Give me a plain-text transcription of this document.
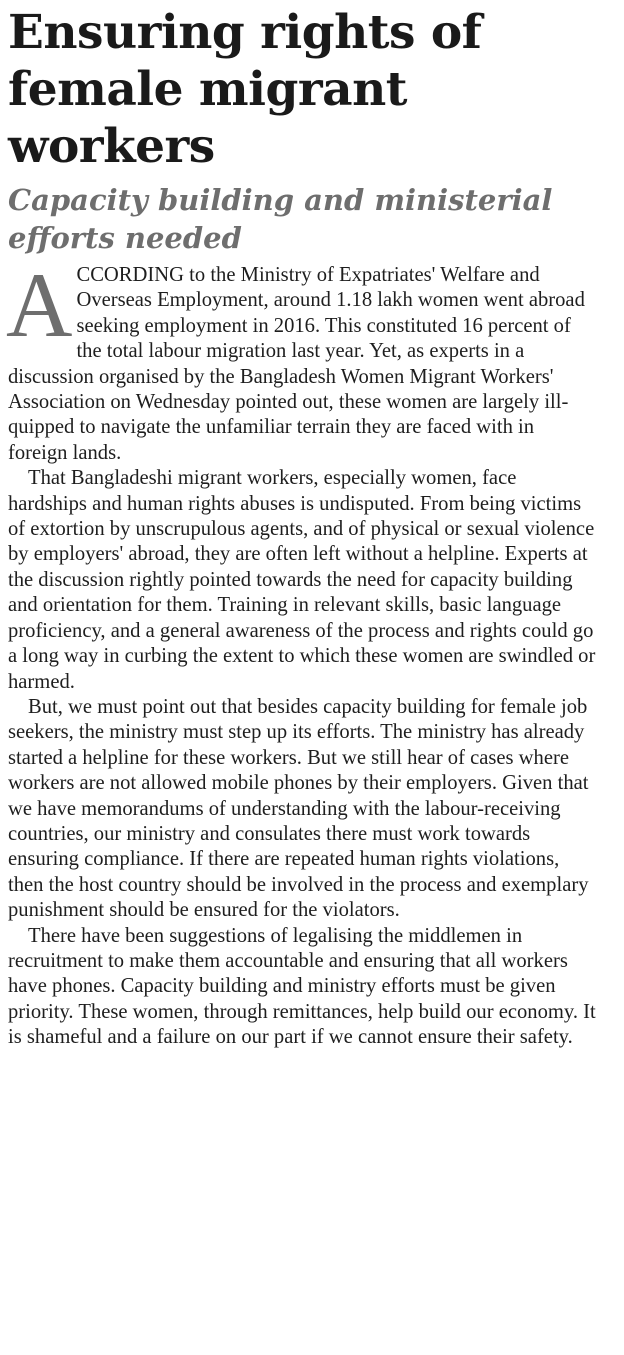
Ensuring rights of female migrant workers
Capacity building and ministerial efforts needed

ACCORDING to the Ministry of Expatriates' Welfare and Overseas Employment, around 1.18 lakh women went abroad seeking employment in 2016. This constituted 16 percent of the total labour migration last year. Yet, as experts in a discussion organised by the Bangladesh Women Migrant Workers' Association on Wednesday pointed out, these women are largely ill-quipped to navigate the unfamiliar terrain they are faced with in foreign lands.

That Bangladeshi migrant workers, especially women, face hardships and human rights abuses is undisputed. From being victims of extortion by unscrupulous agents, and of physical or sexual violence by employers' abroad, they are often left without a helpline. Experts at the discussion rightly pointed towards the need for capacity building and orientation for them. Training in relevant skills, basic language proficiency, and a general awareness of the process and rights could go a long way in curbing the extent to which these women are swindled or harmed.

But, we must point out that besides capacity building for female job seekers, the ministry must step up its efforts. The ministry has already started a helpline for these workers. But we still hear of cases where workers are not allowed mobile phones by their employers. Given that we have memorandums of understanding with the labour-receiving countries, our ministry and consulates there must work towards ensuring compliance. If there are repeated human rights violations, then the host country should be involved in the process and exemplary punishment should be ensured for the violators.

There have been suggestions of legalising the middlemen in recruitment to make them accountable and ensuring that all workers have phones. Capacity building and ministry efforts must be given priority. These women, through remittances, help build our economy. It is shameful and a failure on our part if we cannot ensure their safety.
